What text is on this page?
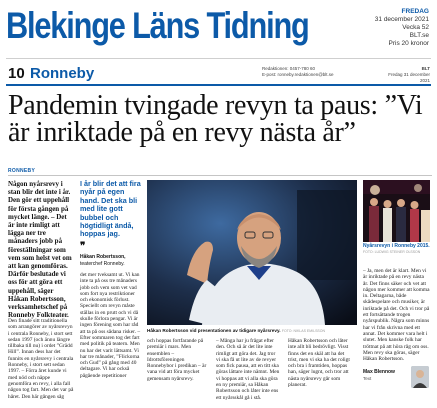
Blekinge Läns Tidning	FREDAG
31 december 2021
Vecka 52
BLT.se
Pris 20 kronor
10 Ronneby	Redaktionen: 0457-780 60
E-post: ronneby.redaktionen@blt.se
BLT
Fredag 31 december 2021
Pandemin tvingade revyn ta paus: ”Vi är inriktade på en revy nästa år”
RONNEBY
Någon nyårsrevy i stan blir det inte i år. Den gör ett uppehåll för första gången på mycket länge. – Det är inte rimligt att lägga ner tre månaders jobb på föreställningar som vem som helst vet om att kan genomföras. Därför beslutade vi oss för att göra ett uppehåll, säger Håkan Robertsson, verksamhetschef på Ronneby Folkteater.
Den finade sitt traditionella som arrangörer av nyårsrevyn i centrala Ronneby, i stort sett sedan 1997 (och ännu längre tillbaka till nu) i ordet ”Grädd Hill”. Innan dess har det funnits en nyårsrevy i centrala Ronneby, i stort sett sedan 1997. – Förra året kunde vi med nöd och näppe genomföra en revy, i alla fall någon tog fart. Men det var på håret. Den här gången såg
I år blir det att fira nyår på egen hand. Det ska bli med lite gott bubbel och högtidligt ändå, hoppas jag.
❞
Håkan Robertsson,
teaterchef Ronneby.
det mer tveksamt ut. Vi kan inte ta på oss tre månaders jobb och vem som vet vad som fort nya restriktioner och ekonomisk förlust. Speciellt om revyn måste ställas in en prutt och vi då skulle förlora pengar. Vi är ingen förening som har råd att ta på oss sådana risker. – Efter sommaren tog det fart med politik på teatern. Men nu har det varit lättsamt. Vi har tre månader, ”Flickorna och Gud” på gång med 40 deltagare. Vi har också pågående repetitioner
Håkan Robertsson vid presentationen av tidigare nyårsrevy. FOTO: NIKLAS EMILSSON
och hoppas fortfarande på premiär i mars. Men ensemblen – Idrottsföreningen Ronnebybor i predikan – är vana vid att föra mycket gemensam nyårsrevy.
– Många har ju frågat efter den. Och så är det lite inte rimligt att göra det. Jag tror vi ska få ut lite av de revyer som fick pausa, att en titt ska göras lättare inte nämnt. Men vi hoppas att vi alla ska göra en ny premiär, sa Håkan Robertsson och låter inte ens ett nyårsskål gå i stå.
Håkan Robertsson och låter inte allt bli bedrövligt. Visst finns det en skäl att ha det trist, men vi ska ha det roligt och bra i framtiden, hoppas han, säger lugnt, och tror att nästa nyårsrevy går som planerat.
Nyårsrevyn i Ronneby 2015.
FOTO: LUDWIG STEINER OLSSON
– Ja, men det är klart. Men vi är inriktade på en revy nästa år. Det finns säker och vet att någon mer kommer att komma in. Deltagarna, både skådespelare och musiker, är inriktade på det. Och vi tror på ett fortsättande trogen nyårspublik. Några som minns har vi från skrivna med ett annat. Det kommer vara helt i slutet. Men kanske folk har tröttnat på att höra råg om oss. Men revy ska göras, säger Håkan Robertsson.
Max Blennow
Text
